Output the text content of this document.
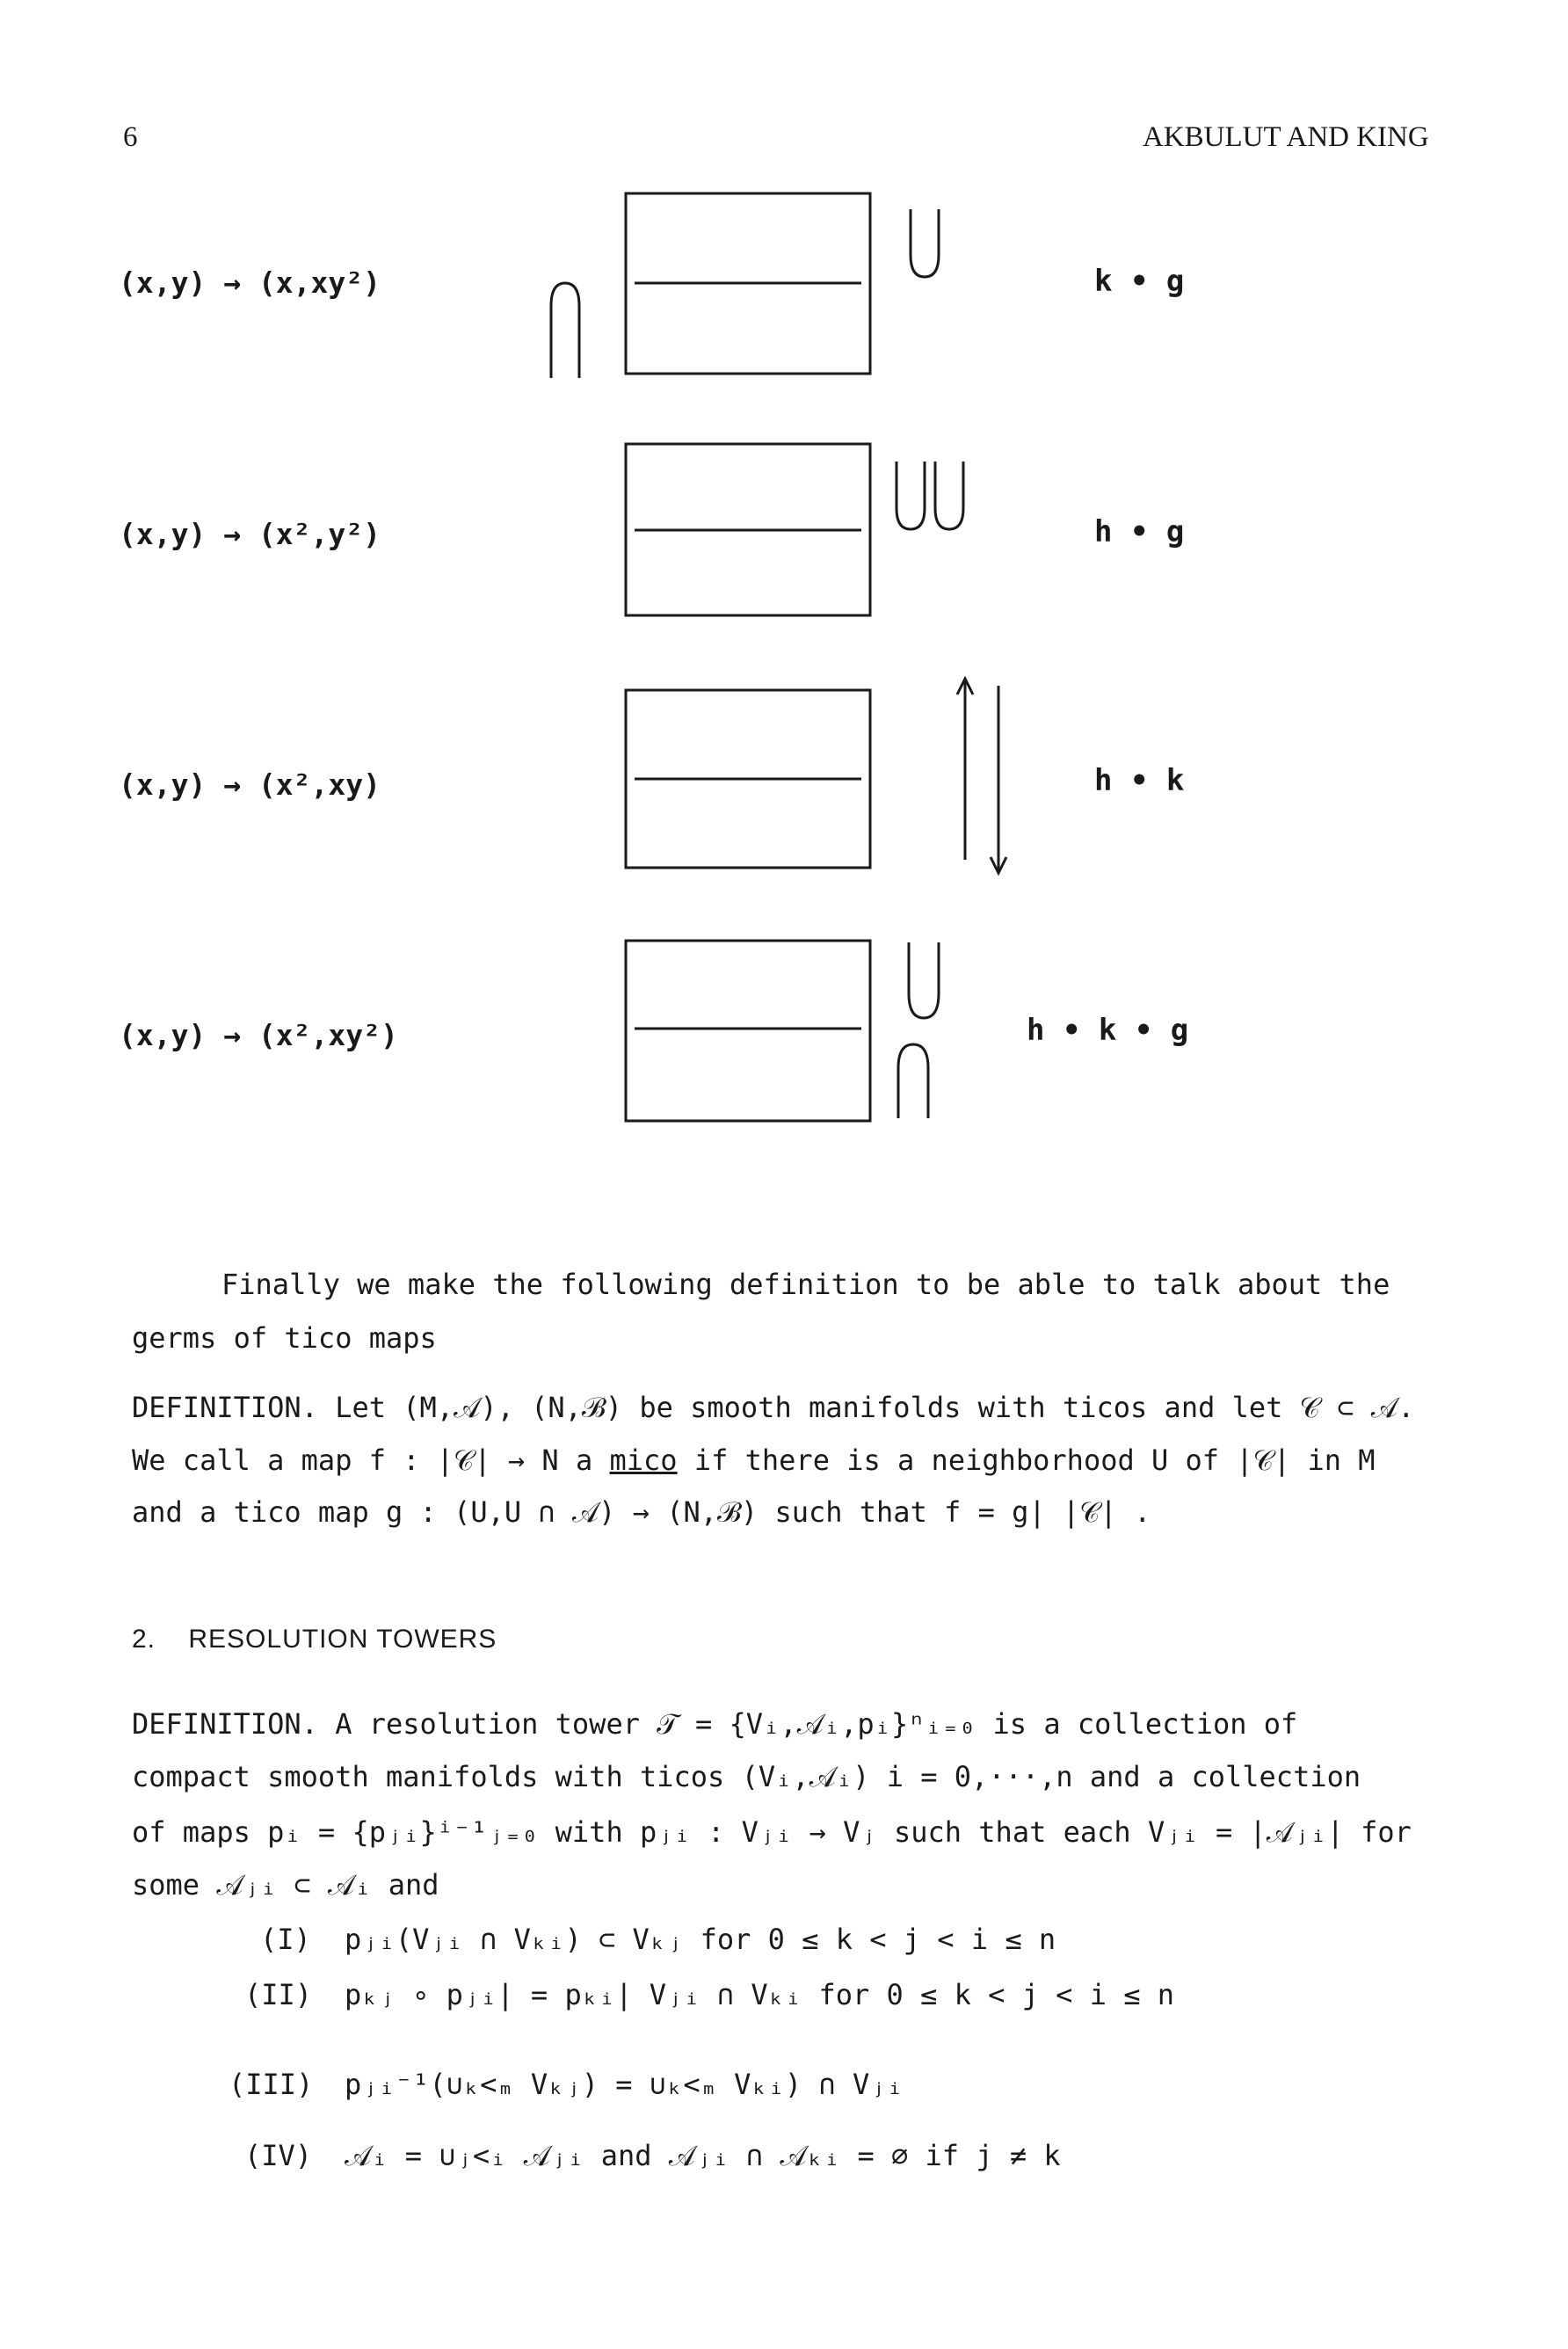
6	AKBULUT AND KING
(x,y) → (x,xy²)
(x,y) → (x²,y²)
(x,y) → (x²,xy)
(x,y) → (x²,xy²)
k • g
h • g
h • k
h • k • g
Finally we make the following definition to be able to talk about the
germs of tico maps
DEFINITION. Let (M,𝒜), (N,ℬ) be smooth manifolds with ticos and let 𝒞 ⊂ 𝒜.
We call a map f : |𝒞| → N a mico if there is a neighborhood U of |𝒞| in M
and a tico map g : (U,U ∩ 𝒜) → (N,ℬ) such that f = g| |𝒞| .
2. RESOLUTION TOWERS
DEFINITION. A resolution tower 𝒯 = {Vᵢ,𝒜ᵢ,pᵢ}ⁿᵢ₌₀ is a collection of
compact smooth manifolds with ticos (Vᵢ,𝒜ᵢ) i = 0,···,n and a collection
of maps pᵢ = {pⱼᵢ}ⁱ⁻¹ⱼ₌₀ with pⱼᵢ : Vⱼᵢ → Vⱼ such that each Vⱼᵢ = |𝒜ⱼᵢ| for
some 𝒜ⱼᵢ ⊂ 𝒜ᵢ and
(I) pⱼᵢ(Vⱼᵢ ∩ Vₖᵢ) ⊂ Vₖⱼ for 0 ≤ k < j < i ≤ n
(II) pₖⱼ ∘ pⱼᵢ| = pₖᵢ| Vⱼᵢ ∩ Vₖᵢ for 0 ≤ k < j < i ≤ n
(III) pⱼᵢ⁻¹(∪ₖ<ₘ Vₖⱼ) = ∪ₖ<ₘ Vₖᵢ) ∩ Vⱼᵢ
(IV) 𝒜ᵢ = ∪ⱼ<ᵢ 𝒜ⱼᵢ and 𝒜ⱼᵢ ∩ 𝒜ₖᵢ = ∅ if j ≠ k
